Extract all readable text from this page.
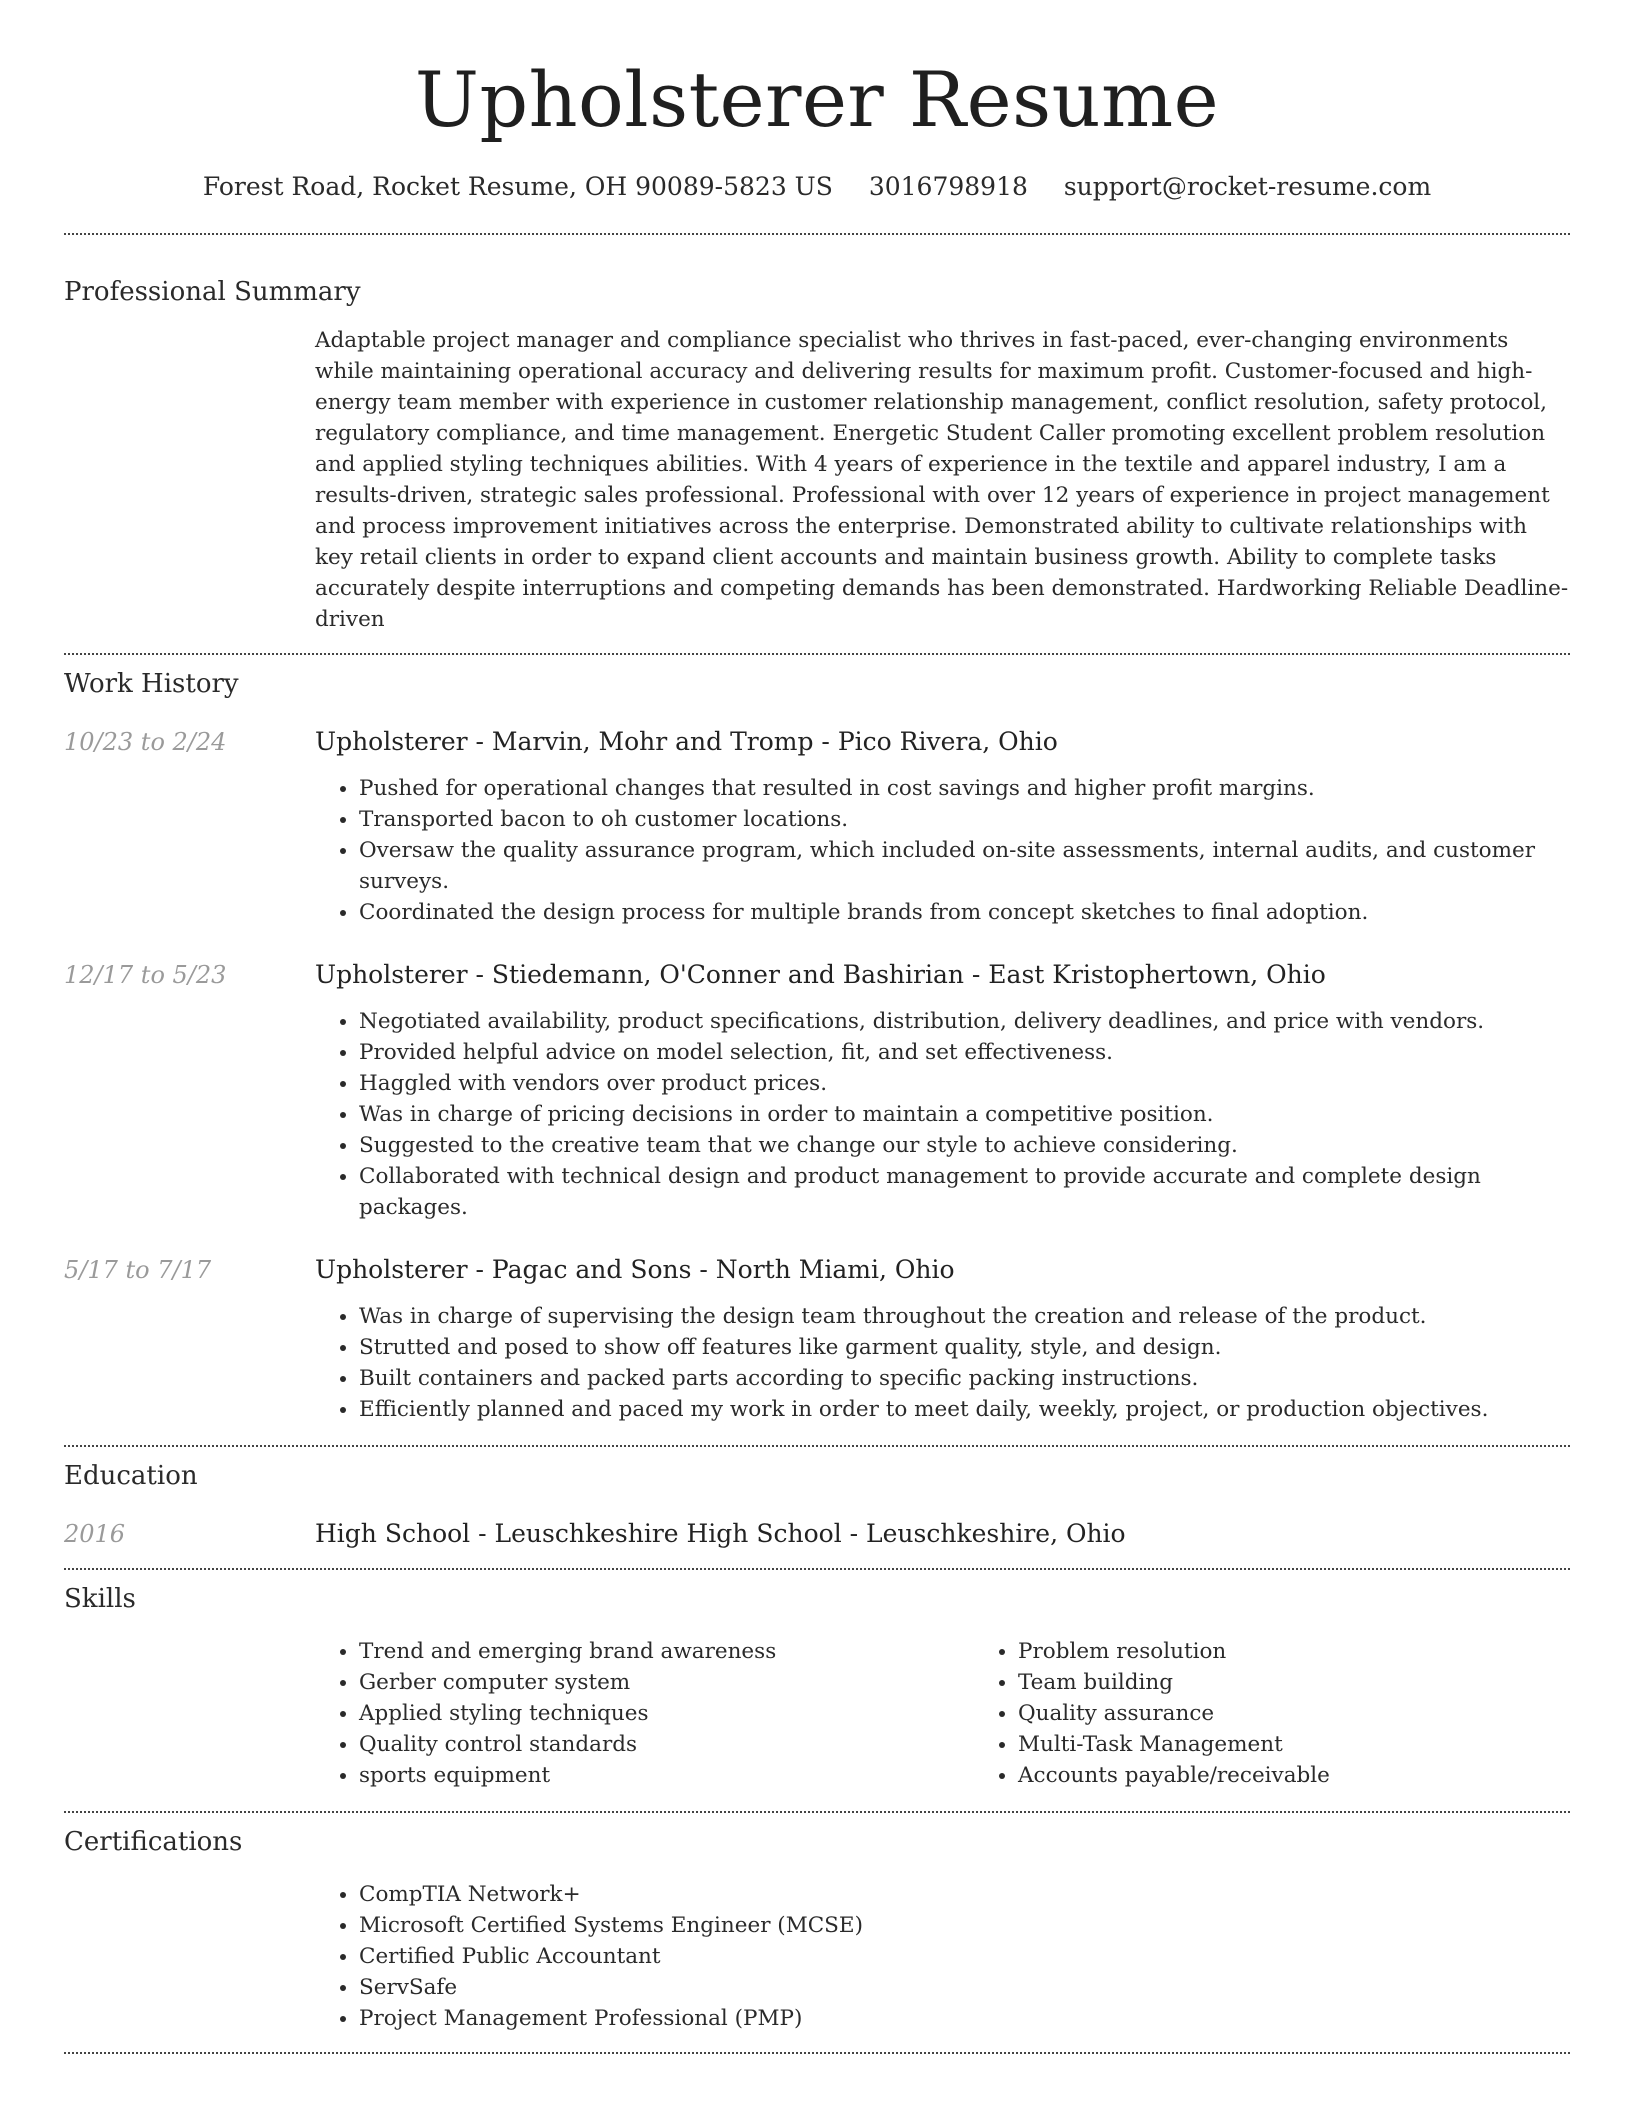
Upholsterer Resume
Forest Road, Rocket Resume, OH 90089-5823 US 3016798918 support@rocket-resume.com
Professional Summary

Adaptable project manager and compliance specialist who thrives in fast-paced, ever-changing environments while maintaining operational accuracy and delivering results for maximum profit. Customer-focused and high-energy team member with experience in customer relationship management, conflict resolution, safety protocol, regulatory compliance, and time management. Energetic Student Caller promoting excellent problem resolution and applied styling techniques abilities. With 4 years of experience in the textile and apparel industry, I am a results-driven, strategic sales professional. Professional with over 12 years of experience in project management and process improvement initiatives across the enterprise. Demonstrated ability to cultivate relationships with key retail clients in order to expand client accounts and maintain business growth. Ability to complete tasks accurately despite interruptions and competing demands has been demonstrated. Hardworking Reliable Deadline-driven

Work History
10/23 to 2/24	Upholsterer - Marvin, Mohr and Tromp - Pico Rivera, Ohio
• Pushed for operational changes that resulted in cost savings and higher profit margins.
• Transported bacon to oh customer locations.
• Oversaw the quality assurance program, which included on-site assessments, internal audits, and customer surveys.
• Coordinated the design process for multiple brands from concept sketches to final adoption.
12/17 to 5/23	Upholsterer - Stiedemann, O'Conner and Bashirian - East Kristophertown, Ohio
• Negotiated availability, product specifications, distribution, delivery deadlines, and price with vendors.
• Provided helpful advice on model selection, fit, and set effectiveness.
• Haggled with vendors over product prices.
• Was in charge of pricing decisions in order to maintain a competitive position.
• Suggested to the creative team that we change our style to achieve considering.
• Collaborated with technical design and product management to provide accurate and complete design packages.
5/17 to 7/17	Upholsterer - Pagac and Sons - North Miami, Ohio
• Was in charge of supervising the design team throughout the creation and release of the product.
• Strutted and posed to show off features like garment quality, style, and design.
• Built containers and packed parts according to specific packing instructions.
• Efficiently planned and paced my work in order to meet daily, weekly, project, or production objectives.
Education
2016	High School - Leuschkeshire High School - Leuschkeshire, Ohio
Skills
• Trend and emerging brand awareness
• Gerber computer system
• Applied styling techniques
• Quality control standards
• sports equipment
• Problem resolution
• Team building
• Quality assurance
• Multi-Task Management
• Accounts payable/receivable
Certifications
• CompTIA Network+
• Microsoft Certified Systems Engineer (MCSE)
• Certified Public Accountant
• ServSafe
• Project Management Professional (PMP)
